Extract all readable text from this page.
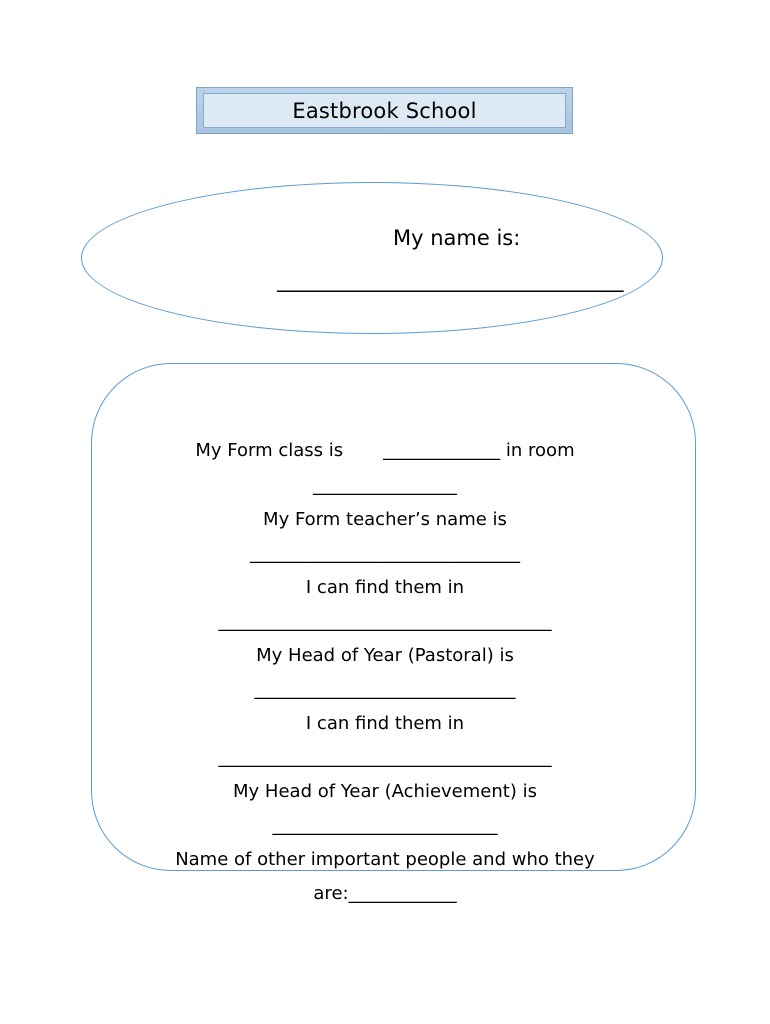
Eastbrook School
My name is:
_________________________________
My Form class is       _____________ in room
________________
My Form teacher’s name is
______________________________
I can find them in
_____________________________________
My Head of Year (Pastoral) is
_____________________________
I can find them in
_____________________________________
My Head of Year (Achievement) is
_________________________
Name of other important people and who they
are:____________
